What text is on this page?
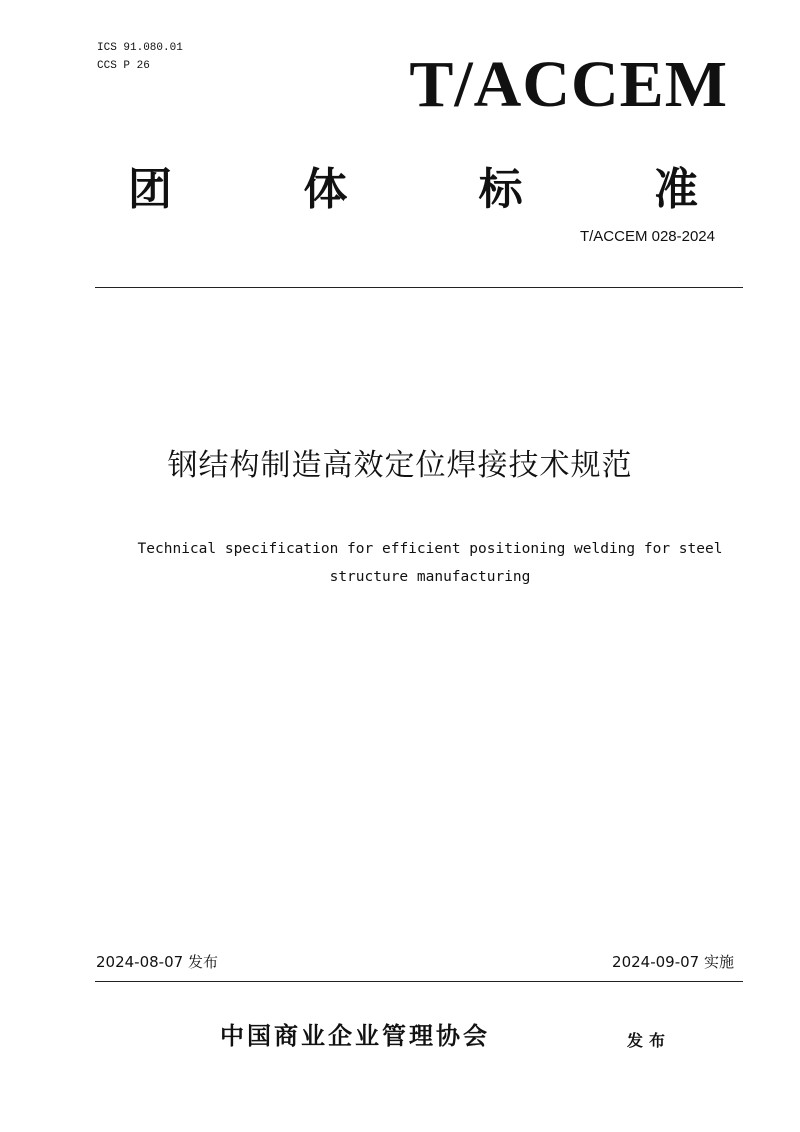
ICS 91.080.01
CCS P 26	T/ACCEM
团	体	标	准
T/ACCEM 028-2024
钢结构制造高效定位焊接技术规范
Technical specification for efficient positioning welding for steel
structure manufacturing
2024-08-07 发布	2024-09-07 实施
中国商业企业管理协会	发布
